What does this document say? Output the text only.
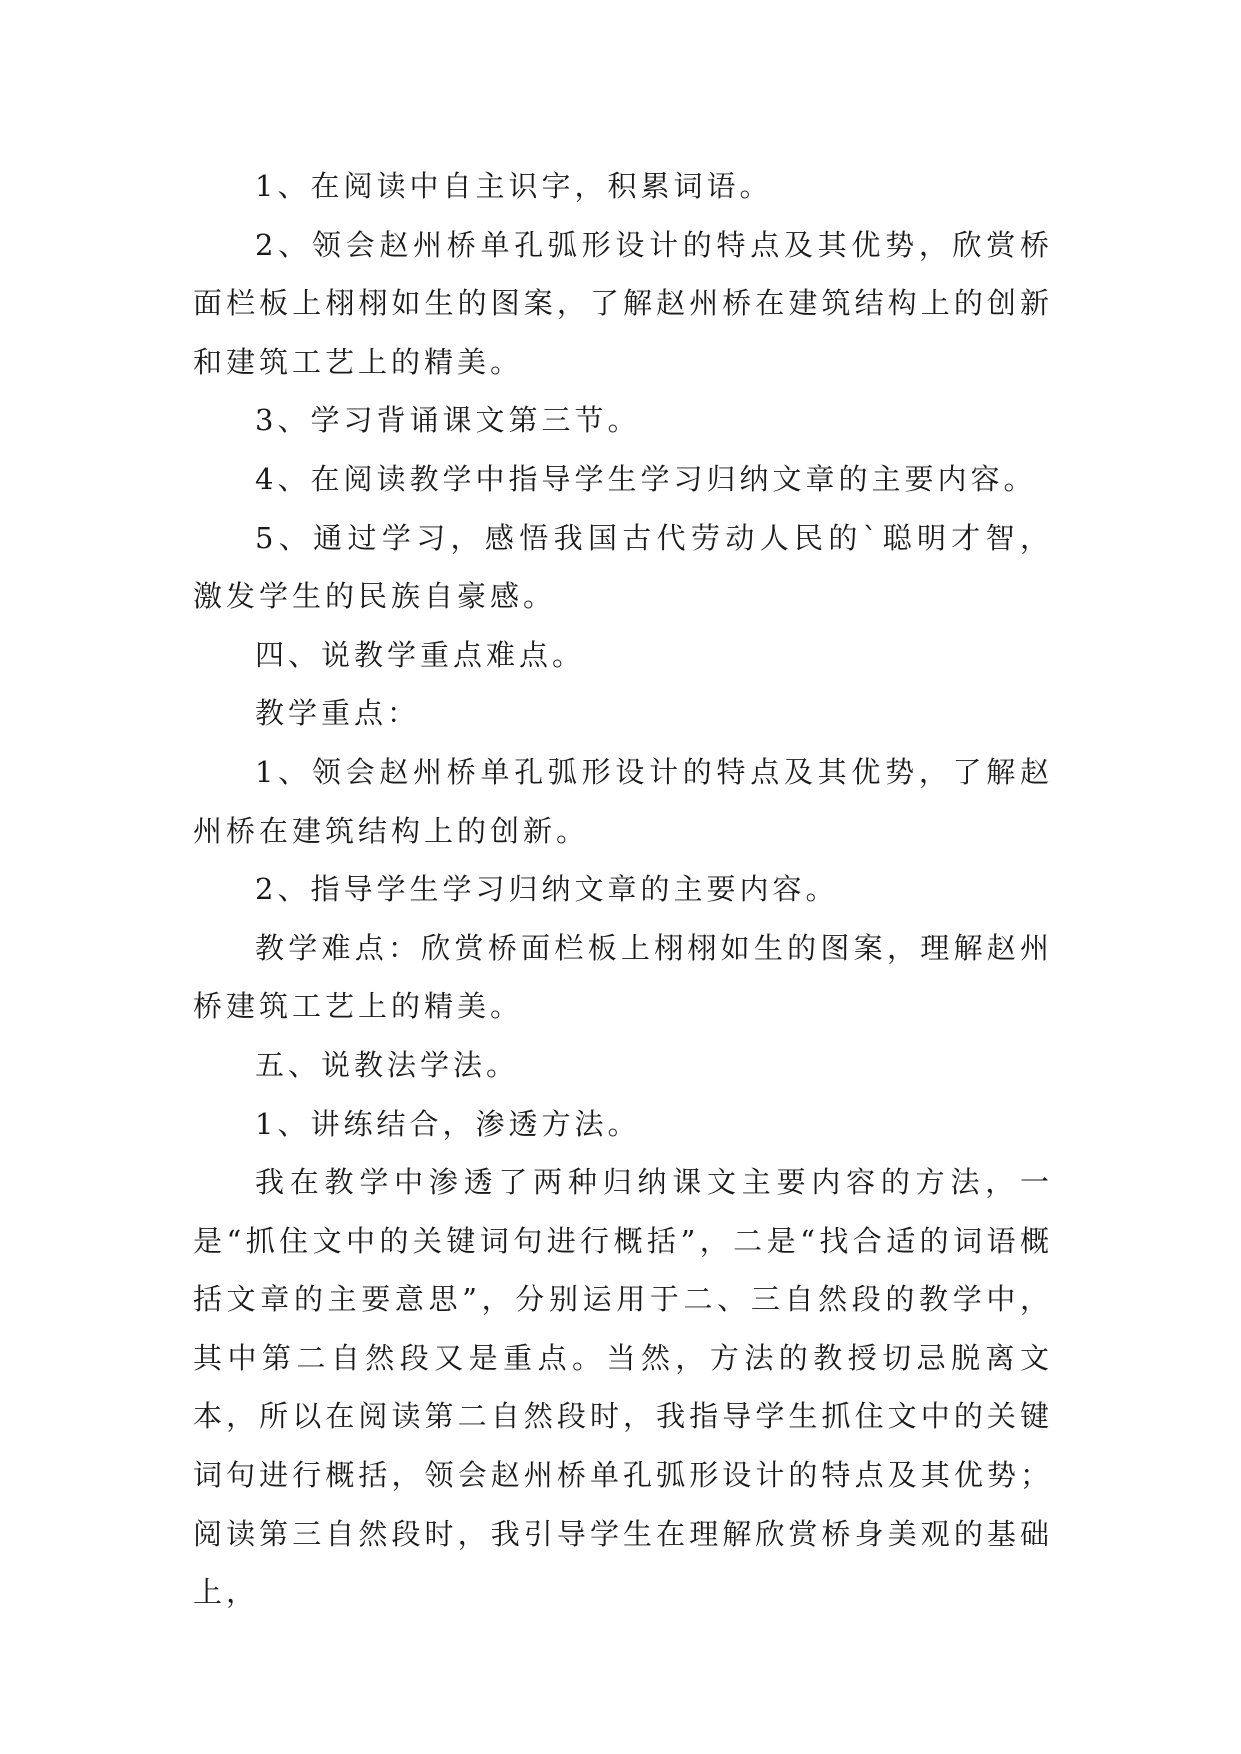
1、在阅读中自主识字，积累词语。

2、领会赵州桥单孔弧形设计的特点及其优势，欣赏桥面栏板上栩栩如生的图案，了解赵州桥在建筑结构上的创新和建筑工艺上的精美。

3、学习背诵课文第三节。

4、在阅读教学中指导学生学习归纳文章的主要内容。

5、通过学习，感悟我国古代劳动人民的`聪明才智，激发学生的民族自豪感。

四、说教学重点难点。

教学重点：

1、领会赵州桥单孔弧形设计的特点及其优势，了解赵州桥在建筑结构上的创新。

2、指导学生学习归纳文章的主要内容。

教学难点：欣赏桥面栏板上栩栩如生的图案，理解赵州桥建筑工艺上的精美。

五、说教法学法。

1、讲练结合，渗透方法。

我在教学中渗透了两种归纳课文主要内容的方法，一是“抓住文中的关键词句进行概括”，二是“找合适的词语概括文章的主要意思”，分别运用于二、三自然段的教学中，其中第二自然段又是重点。当然，方法的教授切忌脱离文本，所以在阅读第二自然段时，我指导学生抓住文中的关键词句进行概括，领会赵州桥单孔弧形设计的特点及其优势；阅读第三自然段时，我引导学生在理解欣赏桥身美观的基础上，
